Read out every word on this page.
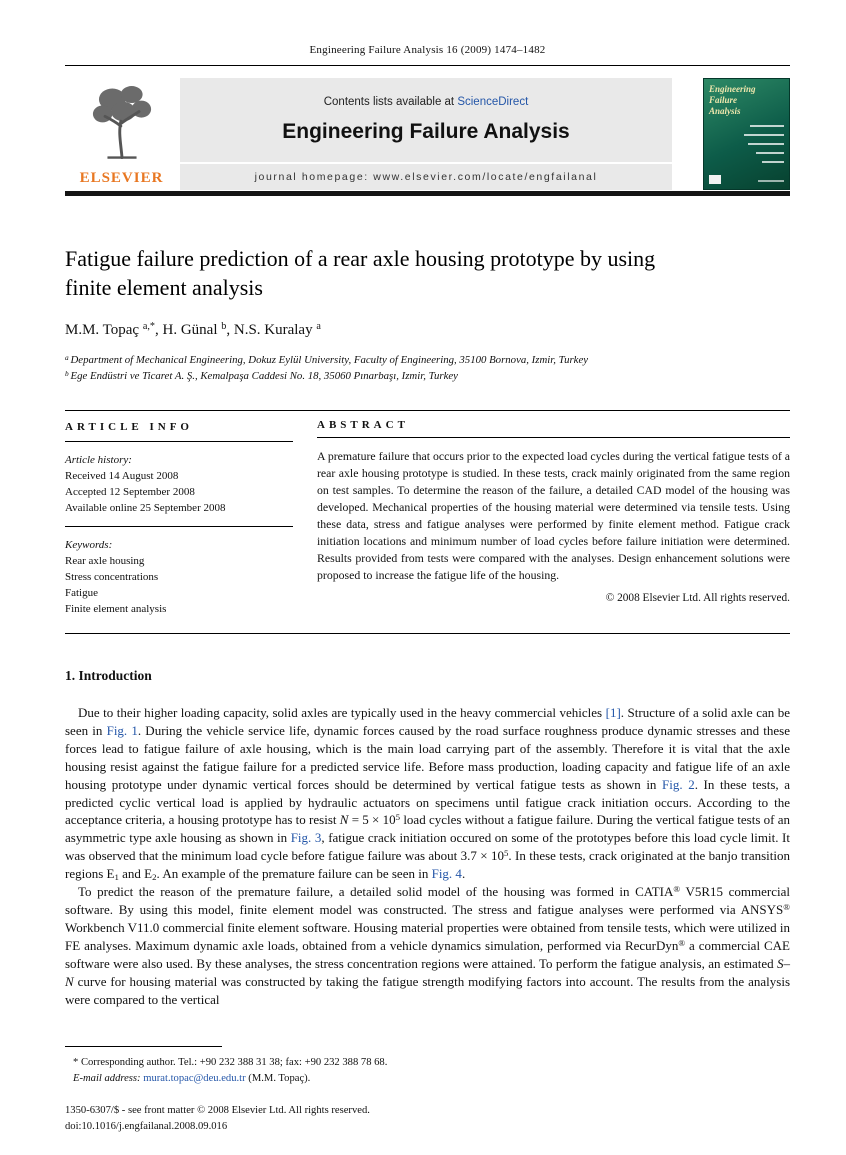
Engineering Failure Analysis 16 (2009) 1474–1482
ELSEVIER
Contents lists available at ScienceDirect
Engineering Failure Analysis
journal homepage: www.elsevier.com/locate/engfailanal
Engineering
Failure
Analysis
Fatigue failure prediction of a rear axle housing prototype by using
finite element analysis
M.M. Topaç $^{a,*}$, H. Günal $^b$, N.S. Kuralay $^a$
$^a$ Department of Mechanical Engineering, Dokuz Eylül University, Faculty of Engineering, 35100 Bornova, Izmir, Turkey
$^b$ Ege Endüstri ve Ticaret A. Ş., Kemalpaşa Caddesi No. 18, 35060 Pınarbaşı, Izmir, Turkey
ARTICLE INFO
Article history:
Received 14 August 2008
Accepted 12 September 2008
Available online 25 September 2008
Keywords:
Rear axle housing
Stress concentrations
Fatigue
Finite element analysis
ABSTRACT
A premature failure that occurs prior to the expected load cycles during the vertical fatigue tests of a rear axle housing prototype is studied. In these tests, crack mainly originated from the same region on test samples. To determine the reason of the failure, a detailed CAD model of the housing was developed. Mechanical properties of the housing material were determined via tensile tests. Using these data, stress and fatigue analyses were performed by finite element method. Fatigue crack initiation locations and minimum number of load cycles before failure initiation were determined. Results provided from tests were compared with the analyses. Design enhancement solutions were proposed to increase the fatigue life of the housing.
© 2008 Elsevier Ltd. All rights reserved.
1. Introduction

Due to their higher loading capacity, solid axles are typically used in the heavy commercial vehicles [1]. Structure of a solid axle can be seen in Fig. 1. During the vehicle service life, dynamic forces caused by the road surface roughness produce dynamic stresses and these forces lead to fatigue failure of axle housing, which is the main load carrying part of the assembly. Therefore it is vital that the axle housing resist against the fatigue failure for a predicted service life. Before mass production, loading capacity and fatigue life of an axle housing prototype under dynamic vertical forces should be determined by vertical fatigue tests as shown in Fig. 2. In these tests, a predicted cyclic vertical load is applied by hydraulic actuators on specimens until fatigue crack initiation occurs. According to the acceptance criteria, a housing prototype has to resist $N = 5 \times 10^5$ load cycles without a fatigue failure. During the vertical fatigue tests of an asymmetric type axle housing as shown in Fig. 3, fatigue crack initiation occured on some of the prototypes before this load cycle limit. It was observed that the minimum load cycle before fatigue failure was about $3.7 \times 10^5$. In these tests, crack originated at the banjo transition regions $E_1$ and $E_2$. An example of the premature failure can be seen in Fig. 4.

To predict the reason of the premature failure, a detailed solid model of the housing was formed in CATIA® V5R15 commercial software. By using this model, finite element model was constructed. The stress and fatigue analyses were performed via ANSYS® Workbench V11.0 commercial finite element software. Housing material properties were obtained from tensile tests, which were utilized in FE analyses. Maximum dynamic axle loads, obtained from a vehicle dynamics simulation, performed via RecurDyn® a commercial CAE software were also used. By these analyses, the stress concentration regions were attained. To perform the fatigue analysis, an estimated S–N curve for housing material was constructed by taking the fatigue strength modifying factors into account. The results from the analysis were compared to the vertical

* Corresponding author. Tel.: +90 232 388 31 38; fax: +90 232 388 78 68.
E-mail address: murat.topac@deu.edu.tr (M.M. Topaç).
1350-6307/$ - see front matter © 2008 Elsevier Ltd. All rights reserved.
doi:10.1016/j.engfailanal.2008.09.016
